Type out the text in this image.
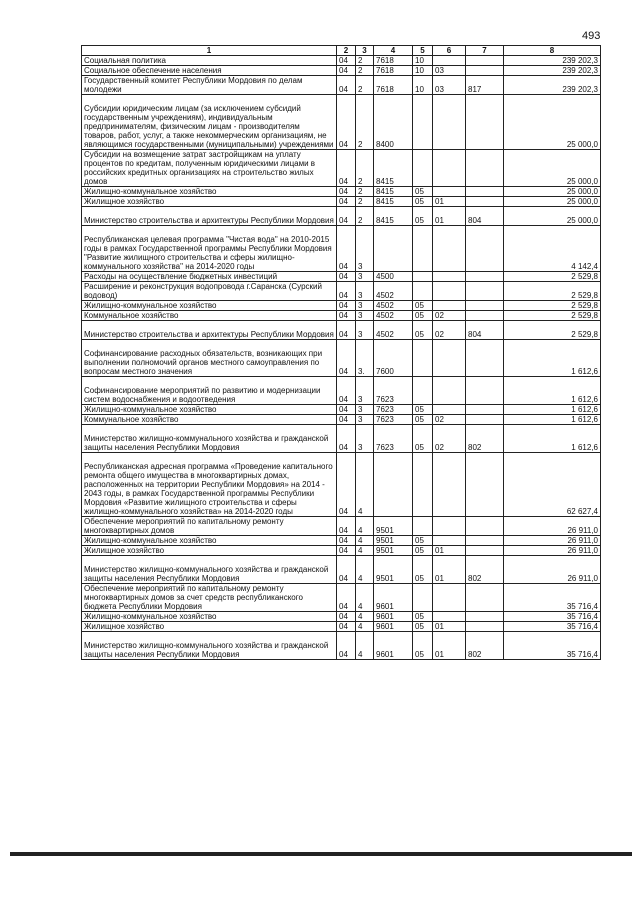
493
1	2	3	4	5	6	7	8
Социальная политика	04	2	7618	10			239 202,3
Социальное обеспечение населения	04	2	7618	10	03		239 202,3
Государственный комитет Республики Мордовия по делам молодежи	04	2	7618	10	03	817	239 202,3
Субсидии юридическим лицам (за исключением субсидий государственным учреждениям), индивидуальным предпринимателям, физическим лицам - производителям товаров, работ, услуг, а также некоммерческим организациям, не являющимся государственными (муниципальными) учреждениями	04	2	8400				25 000,0
Субсидии на возмещение затрат застройщикам на уплату процентов по кредитам, полученным юридическими лицами в российских кредитных организациях на строительство жилых домов	04	2	8415				25 000,0
Жилищно-коммунальное хозяйство	04	2	8415	05			25 000,0
Жилищное хозяйство	04	2	8415	05	01		25 000,0
Министерство строительства и архитектуры Республики Мордовия	04	2	8415	05	01	804	25 000,0
Республиканская целевая программа "Чистая вода" на 2010-2015 годы в рамках Государственной программы Республики Мордовия "Развитие жилищного строительства и сферы жилищно-коммунального хозяйства" на 2014-2020 годы	04	3					4 142,4
Расходы на осуществление бюджетных инвестиций	04	3	4500				2 529,8
Расширение и реконструкция водопровода г.Саранска (Сурский водовод)	04	3	4502				2 529,8
Жилищно-коммунальное хозяйство	04	3	4502	05			2 529,8
Коммунальное хозяйство	04	3	4502	05	02		2 529,8
Министерство строительства и архитектуры Республики Мордовия	04	3	4502	05	02	804	2 529,8
Софинансирование расходных обязательств, возникающих при выполнении полномочий органов местного самоуправления по вопросам местного значения	04	3.	7600				1 612,6
Софинансирование мероприятий по развитию и модернизации систем водоснабжения и водоотведения	04	3	7623				1 612,6
Жилищно-коммунальное хозяйство	04	3	7623	05			1 612,6
Коммунальное хозяйство	04	3	7623	05	02		1 612,6
Министерство жилищно-коммунального хозяйства и гражданской защиты населения Республики Мордовия	04	3	7623	05	02	802	1 612,6
Республиканская адресная программа «Проведение капитального ремонта общего имущества в многоквартирных домах, расположенных на территории Республики Мордовия» на 2014 - 2043 годы, в рамках Государственной программы Республики Мордовия «Развитие жилищного строительства и сферы жилищно-коммунального хозяйства» на 2014-2020 годы	04	4					62 627,4
Обеспечение мероприятий по капитальному ремонту многоквартирных домов	04	4	9501				26 911,0
Жилищно-коммунальное хозяйство	04	4	9501	05			26 911,0
Жилищное хозяйство	04	4	9501	05	01		26 911,0
Министерство жилищно-коммунального хозяйства и гражданской защиты населения Республики Мордовия	04	4	9501	05	01	802	26 911,0
Обеспечение мероприятий по капитальному ремонту многоквартирных домов за счет средств республиканского бюджета Республики Мордовия	04	4	9601				35 716,4
Жилищно-коммунальное хозяйство	04	4	9601	05			35 716,4
Жилищное хозяйство	04	4	9601	05	01		35 716,4
Министерство жилищно-коммунального хозяйства и гражданской защиты населения Республики Мордовия	04	4	9601	05	01	802	35 716,4
